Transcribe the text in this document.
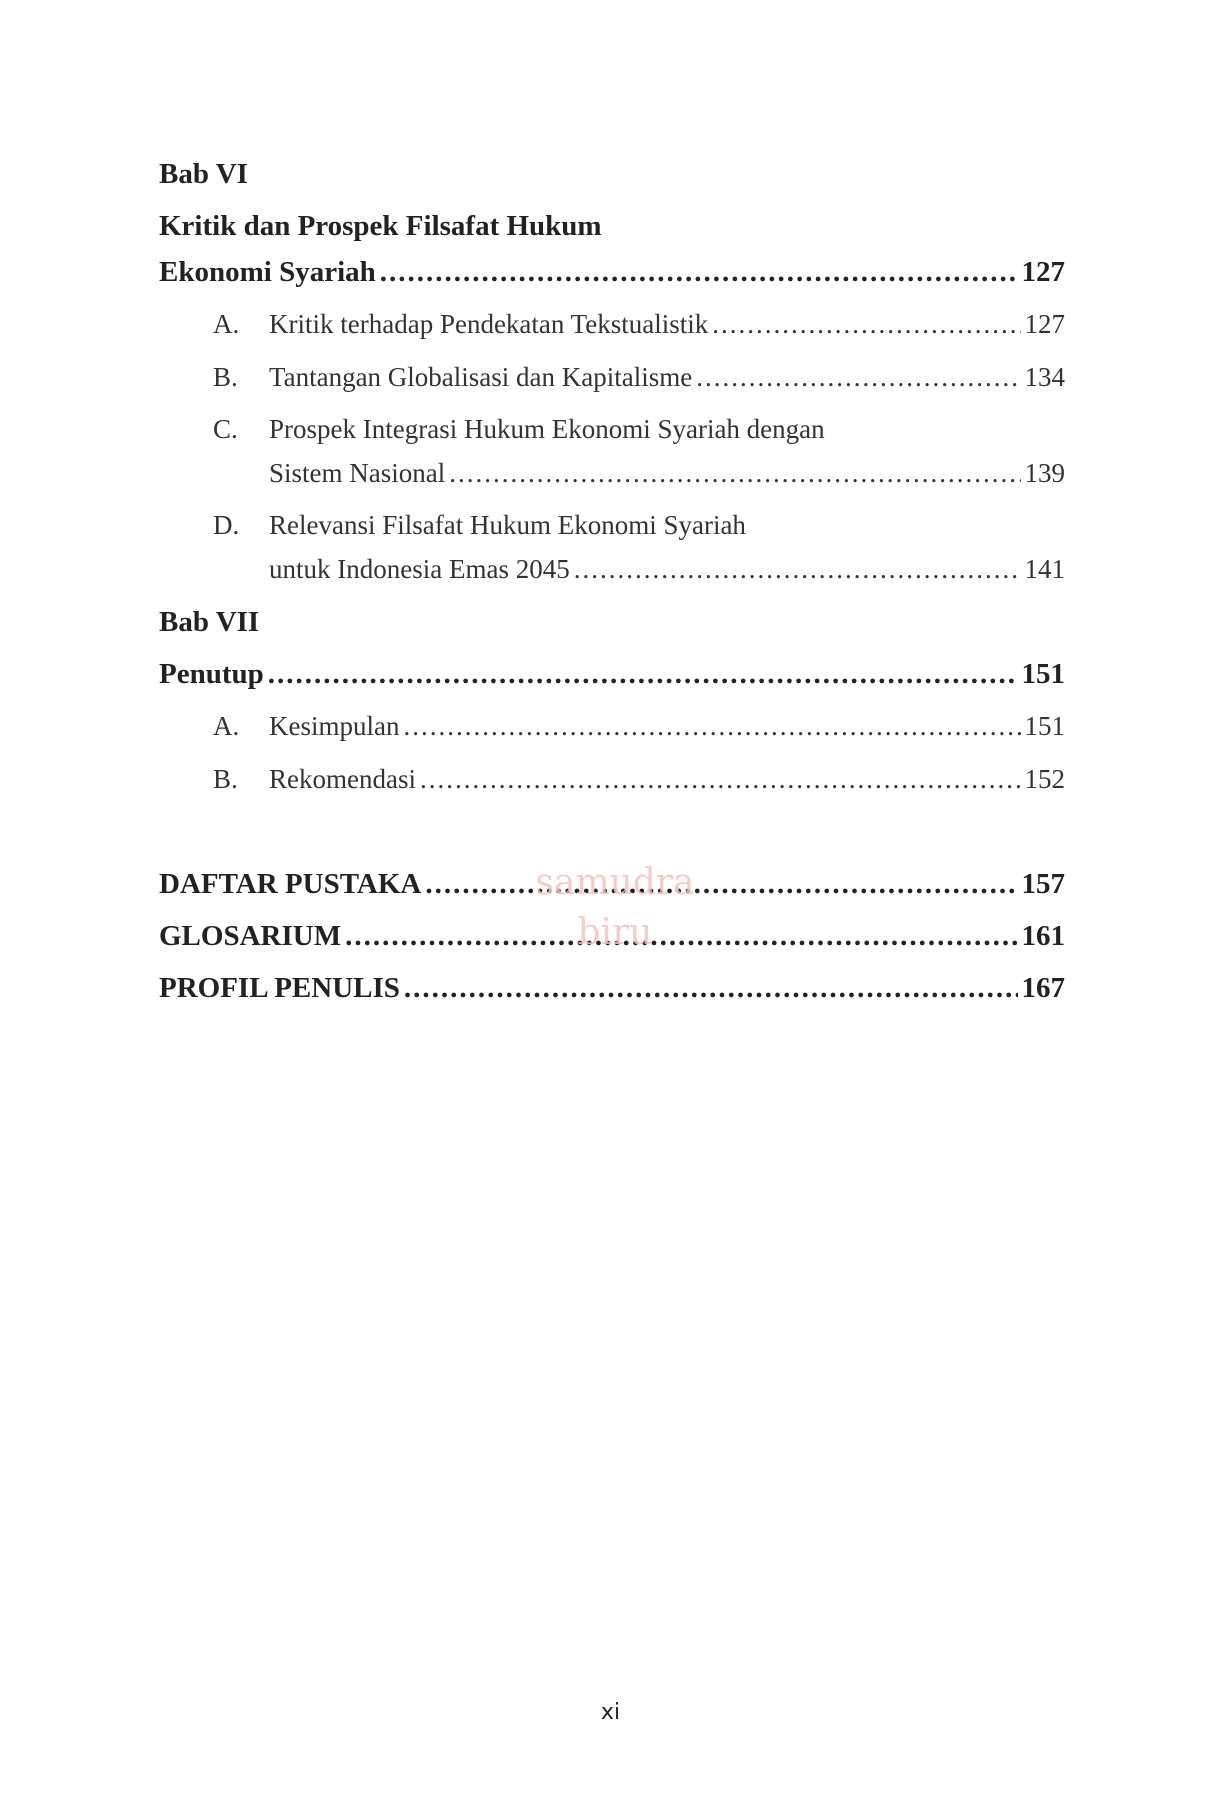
Bab VI
Kritik dan Prospek Filsafat Hukum
Ekonomi Syariah .....	127
A.	Kritik terhadap Pendekatan Tekstualistik .....	127
B.	Tantangan Globalisasi dan Kapitalisme .....	134
C. Prospek Integrasi Hukum Ekonomi Syariah dengan
Sistem Nasional .....	139
D. Relevansi Filsafat Hukum Ekonomi Syariah
untuk Indonesia Emas 2045 .....	141
Bab VII
Penutup .....	151
A.	Kesimpulan .....	151
B.	Rekomendasi .....	152
DAFTAR PUSTAKA .....	157
GLOSARIUM .....	161
PROFIL PENULIS .....	167
samudra
biru
xi
